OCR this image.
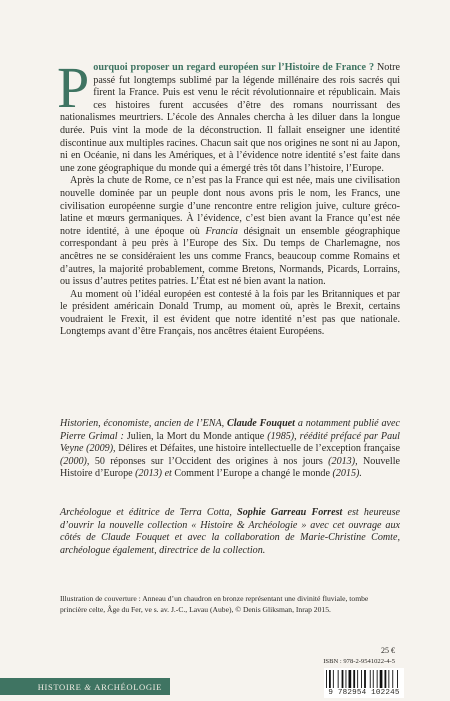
P ourquoi proposer un regard européen sur l’Histoire de France ? Notre passé fut longtemps sublimé par la légende millénaire des rois sacrés qui firent la France. Puis est venu le récit révolutionnaire et républicain. Mais ces histoires furent accusées d’être des romans nourrissant des nationalismes meurtriers. L’école des Annales chercha à les diluer dans la longue durée. Puis vint la mode de la déconstruction. Il fallait enseigner une identité discontinue aux multiples racines. Chacun sait que nos origines ne sont ni au Japon, ni en Océanie, ni dans les Amériques, et à l’évidence notre identité s’est faite dans une zone géographique du monde qui a émergé très tôt dans l’histoire, l’Europe.

Après la chute de Rome, ce n’est pas la France qui est née, mais une civilisation nouvelle dominée par un peuple dont nous avons pris le nom, les Francs, une civilisation européenne surgie d’une rencontre entre religion juive, culture gréco-latine et mœurs germaniques. À l’évidence, c’est bien avant la France qu’est née notre identité, à une époque où Francia désignait un ensemble géographique correspondant à peu près à l’Europe des Six. Du temps de Charlemagne, nos ancêtres ne se considéraient les uns comme Francs, beaucoup comme Romains et d’autres, la majorité probablement, comme Bretons, Normands, Picards, Lorrains, ou issus d’autres petites patries. L’État est né bien avant la nation.

Au moment où l’idéal européen est contesté à la fois par les Britanniques et par le président américain Donald Trump, au moment où, après le Brexit, certains voudraient le Frexit, il est évident que notre identité n’est pas que nationale. Longtemps avant d’être Français, nos ancêtres étaient Européens.

Historien, économiste, ancien de l’ENA, Claude Fouquet a notamment publié avec Pierre Grimal : Julien, la Mort du Monde antique (1985), réédité préfacé par Paul Veyne (2009), Délires et Défaites, une histoire intellectuelle de l’exception française (2000), 50 réponses sur l’Occident des origines à nos jours (2013), Nouvelle Histoire d’Europe (2013) et Comment l’Europe a changé le monde (2015).

Archéologue et éditrice de Terra Cotta, Sophie Garreau Forrest est heureuse d’ouvrir la nouvelle collection « Histoire & Archéologie » avec cet ouvrage aux côtés de Claude Fouquet et avec la collaboration de Marie-Christine Comte, archéologue également, directrice de la collection.

Illustration de couverture : Anneau d’un chaudron en bronze représentant une divinité fluviale, tombe princière celte, Âge du Fer, ve s. av. J.-C., Lavau (Aube), © Denis Gliksman, Inrap 2015.

25 €
ISBN : 978-2-9541022-4-5
HISTOIRE
&
ARCHÉOLOGIE
9 782954 102245
